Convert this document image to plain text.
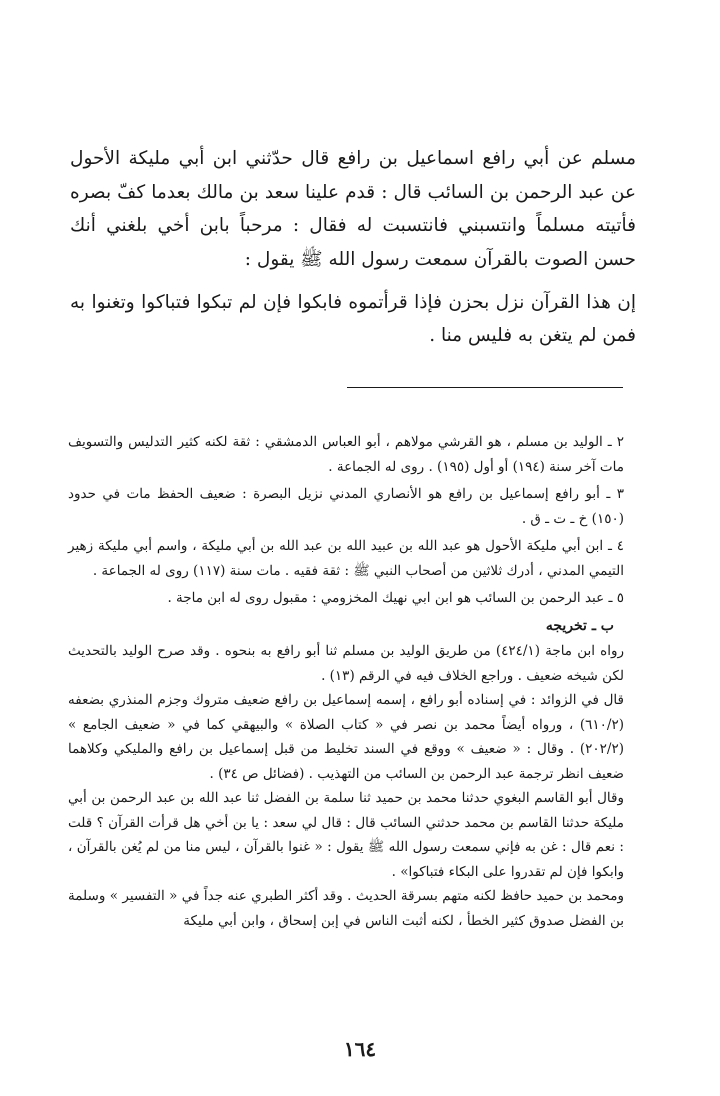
مسلم عن أبي رافع اسماعيل بن رافع قال حدّثني ابن أبي مليكة الأحول عن عبد الرحمن بن السائب قال : قدم علينا سعد بن مالك بعدما كفّ بصره فأتيته مسلماً وانتسبني فانتسبت له فقال : مرحباً بابن أخي بلغني أنك حسن الصوت بالقرآن سمعت رسول الله ﷺ يقول :

إن هذا القرآن نزل بحزن فإذا قرأتموه فابكوا فإن لم تبكوا فتباكوا وتغنوا به فمن لم يتغن به فليس منا .

٢ ـ الوليد بن مسلم ، هو القرشي مولاهم ، أبو العباس الدمشقي : ثقة لكنه كثير التدليس والتسويف مات آخر سنة (١٩٤) أو أول (١٩٥) . روى له الجماعة .

٣ ـ أبو رافع إسماعيل بن رافع هو الأنصاري المدني نزيل البصرة : ضعيف الحفظ مات في حدود (١٥٠) خ ـ ت ـ ق .

٤ ـ ابن أبي مليكة الأحول هو عبد الله بن عبيد الله بن عبد الله بن أبي مليكة ، واسم أبي مليكة زهير التيمي المدني ، أدرك ثلاثين من أصحاب النبي ﷺ : ثقة فقيه . مات سنة (١١٧) روى له الجماعة .

٥ ـ عبد الرحمن بن السائب هو ابن ابي نهيك المخزومي : مقبول روى له ابن ماجة .

ب ـ تخريجه

رواه ابن ماجة (٤٢٤/١) من طريق الوليد بن مسلم ثنا أبو رافع به بنحوه . وقد صرح الوليد بالتحديث لكن شيخه ضعيف . وراجع الخلاف فيه في الرقم (١٣) .

قال في الزوائد : في إسناده أبو رافع ، إسمه إسماعيل بن رافع ضعيف متروك وجزم المنذري بضعفه (٦١٠/٢) ، ورواه أيضاً محمد بن نصر في « كتاب الصلاة » والبيهقي كما في « ضعيف الجامع » (٢٠٢/٢) . وقال : « ضعيف » ووقع في السند تخليط من قبل إسماعيل بن رافع والمليكي وكلاهما ضعيف انظر ترجمة عبد الرحمن بن السائب من التهذيب . (فضائل ص ٣٤) .

وقال أبو القاسم البغوي حدثنا محمد بن حميد ثنا سلمة بن الفضل ثنا عبد الله بن عبد الرحمن بن أبي مليكة حدثنا القاسم بن محمد حدثني السائب قال : قال لي سعد : يا بن أخي هل قرأت القرآن ؟ قلت : نعم قال : غن به فإني سمعت رسول الله ﷺ يقول : « غنوا بالقرآن ، ليس منا من لم يُغن بالقرآن ، وابكوا فإن لم تقدروا على البكاء فتباكوا» .

ومحمد بن حميد حافظ لكنه متهم بسرقة الحديث . وقد أكثر الطبري عنه جداً في « التفسير » وسلمة بن الفضل صدوق كثير الخطأ ، لكنه أثبت الناس في إبن إسحاق ، وابن أبي مليكة

١٦٤
